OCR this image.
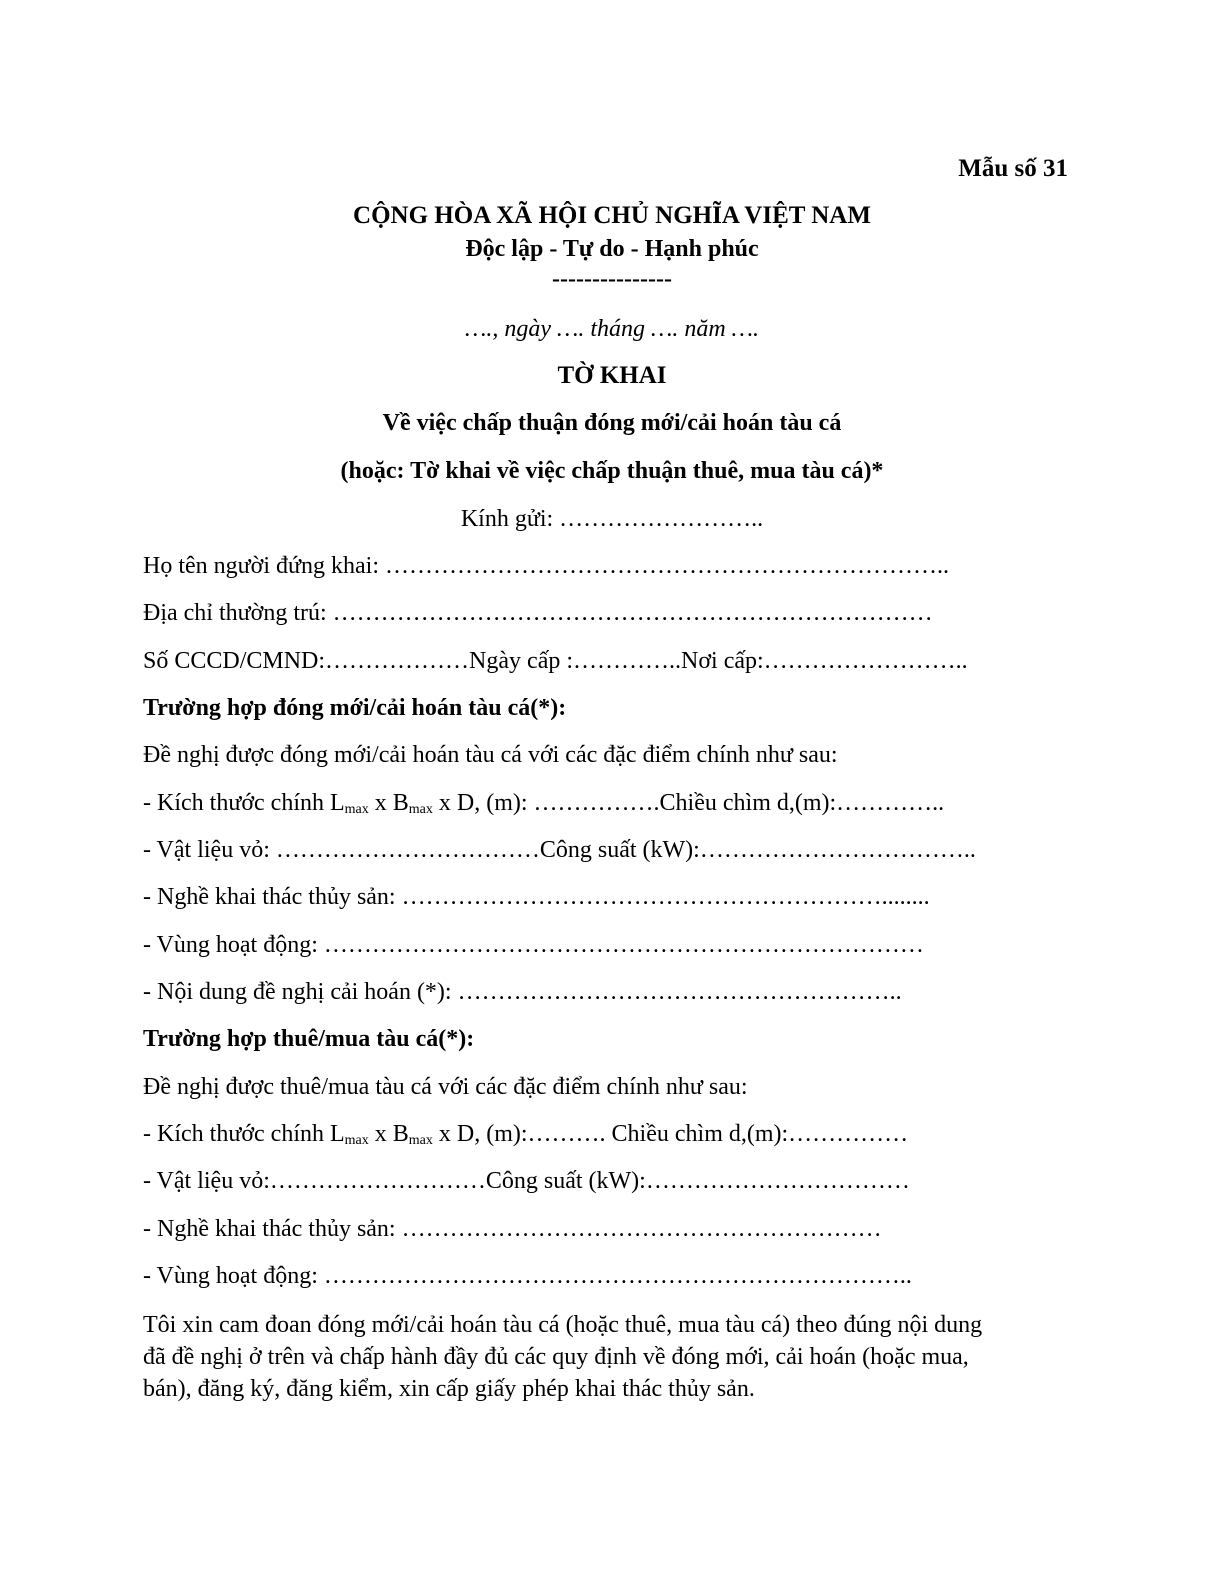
Mẫu số 31
CỘNG HÒA XÃ HỘI CHỦ NGHĨA VIỆT NAM
Độc lập - Tự do - Hạnh phúc
---------------
…., ngày …. tháng …. năm ….
TỜ KHAI
Về việc chấp thuận đóng mới/cải hoán tàu cá
(hoặc: Tờ khai về việc chấp thuận thuê, mua tàu cá)*
Kính gửi: ……………………..
Họ tên người đứng khai: ……………………………………………………………..
Địa chỉ thường trú: …………………………………………………………………
Số CCCD/CMND:………………Ngày cấp :…………..Nơi cấp:……………………..
Trường hợp đóng mới/cải hoán tàu cá(*):
Đề nghị được đóng mới/cải hoán tàu cá với các đặc điểm chính như sau:
- Kích thước chính $L_{max}$ x $B_{max}$ x D, (m): …………….Chiều chìm d,(m):…………..
- Vật liệu vỏ: ……………………………Công suất (kW):……………………………..
- Nghề khai thác thủy sản: ……………………………………………………........
- Vùng hoạt động: …………………………………………………………………
- Nội dung đề nghị cải hoán (*): ………………………………………………..
Trường hợp thuê/mua tàu cá(*):
Đề nghị được thuê/mua tàu cá với các đặc điểm chính như sau:
- Kích thước chính $L_{max}$ x $B_{max}$ x D, (m):………. Chiều chìm d,(m):……………
- Vật liệu vỏ:………………………Công suất (kW):……………………………
- Nghề khai thác thủy sản: ……………………………………………………
- Vùng hoạt động: ………………………………………………………………..
Tôi xin cam đoan đóng mới/cải hoán tàu cá (hoặc thuê, mua tàu cá) theo đúng nội dung
đã đề nghị ở trên và chấp hành đầy đủ các quy định về đóng mới, cải hoán (hoặc mua,
bán), đăng ký, đăng kiểm, xin cấp giấy phép khai thác thủy sản.
